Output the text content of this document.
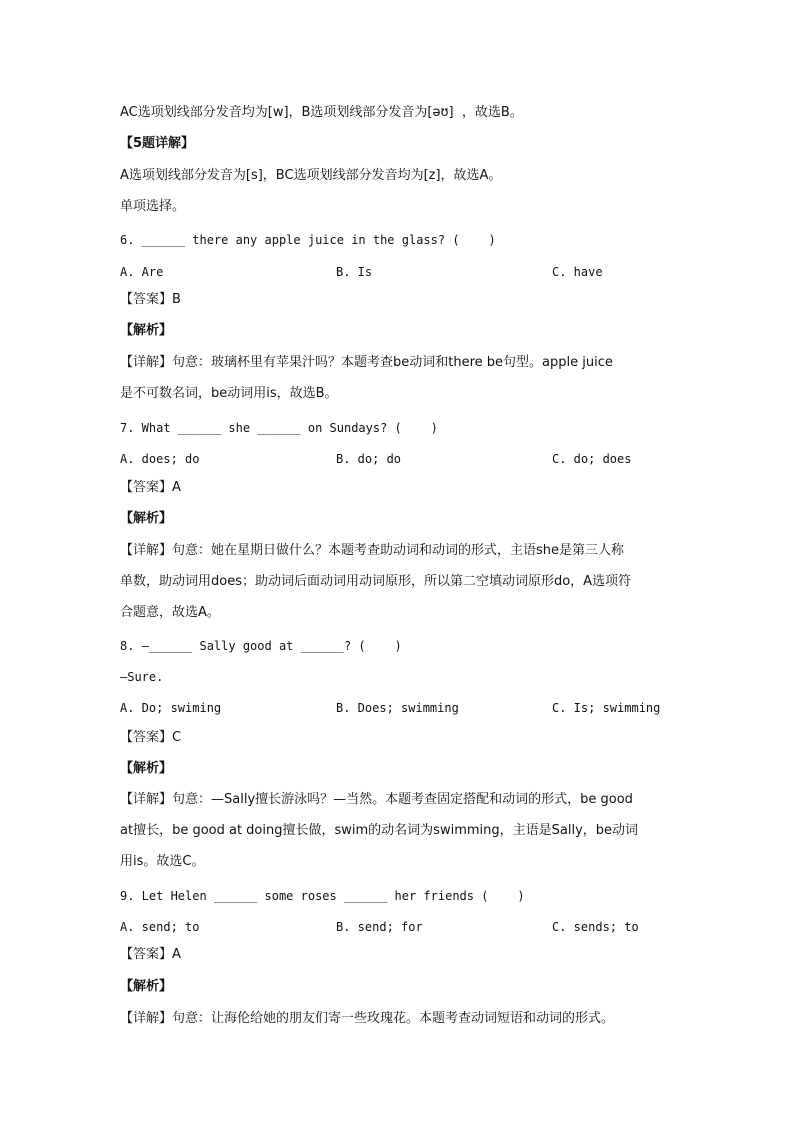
AC选项划线部分发音均为[w]，B选项划线部分发音为[əʊ]  ，故选B。
【5题详解】
A选项划线部分发音为[s]，BC选项划线部分发音均为[z]，故选A。
单项选择。
6. ______ there any apple juice in the glass? (    )
A. Are	B. Is	C. have
【答案】B
【解析】
【详解】句意：玻璃杯里有苹果汁吗？本题考查be动词和there be句型。apple juice
是不可数名词，be动词用is，故选B。
7. What ______ she ______ on Sundays? (    )
A. does; do	B. do; do	C. do; does
【答案】A
【解析】
【详解】句意：她在星期日做什么？本题考查助动词和动词的形式，主语she是第三人称
单数，助动词用does；助动词后面动词用动词原形，所以第二空填动词原形do，A选项符
合题意，故选A。
8. —______ Sally good at ______? (    )
—Sure.
A. Do; swiming	B. Does; swimming	C. Is; swimming
【答案】C
【解析】
【详解】句意：—Sally擅长游泳吗？—当然。本题考查固定搭配和动词的形式，be good
at擅长，be good at doing擅长做，swim的动名词为swimming，主语是Sally，be动词
用is。故选C。
9. Let Helen ______ some roses ______ her friends (    )
A. send; to	B. send; for	C. sends; to
【答案】A
【解析】
【详解】句意：让海伦给她的朋友们寄一些玫瑰花。本题考查动词短语和动词的形式。
